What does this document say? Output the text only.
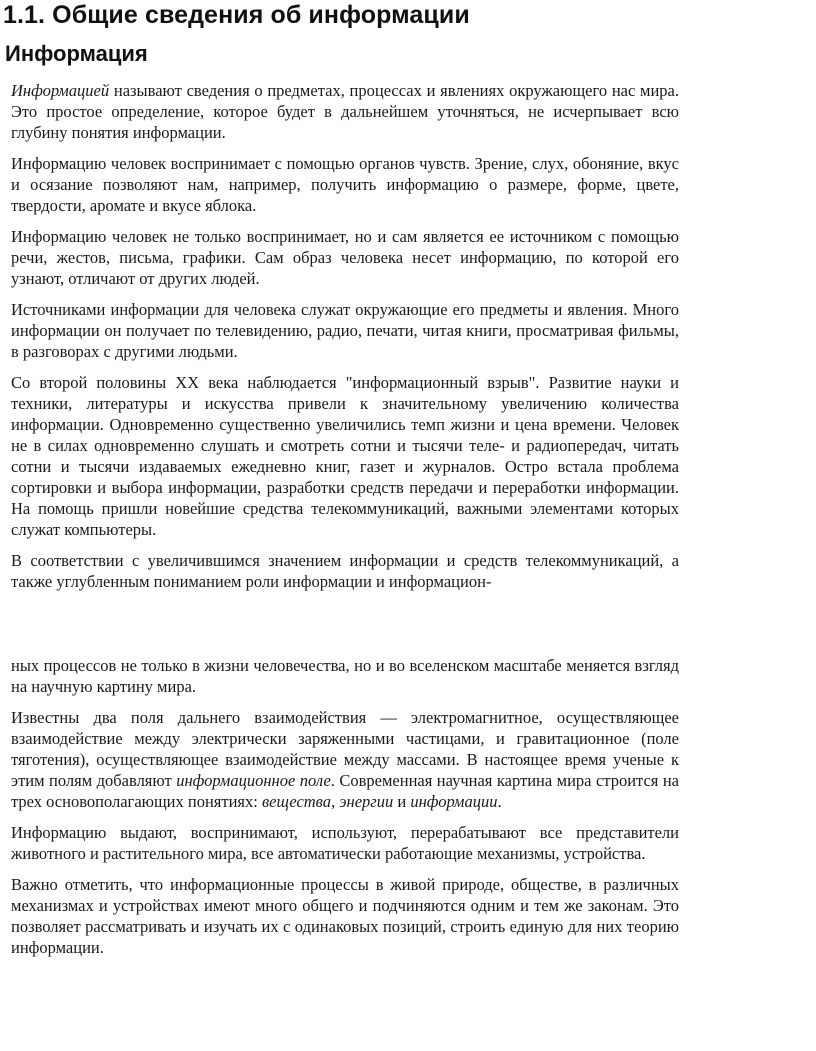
1.1. Общие сведения об информации
Информация

Информацией называют сведения о предметах, процессах и явлениях окружающего нас мира. Это простое определение, которое будет в дальнейшем уточняться, не исчерпывает всю глубину понятия информации.

Информацию человек воспринимает с помощью органов чувств. Зрение, слух, обоняние, вкус и осязание позволяют нам, например, получить информацию о размере, форме, цвете, твердости, аромате и вкусе яблока.

Информацию человек не только воспринимает, но и сам является ее источником с помощью речи, жестов, письма, графики. Сам образ человека несет информацию, по которой его узнают, отличают от других людей.

Источниками информации для человека служат окружающие его предметы и явления. Много информации он получает по телевидению, радио, печати, читая книги, просматривая фильмы, в разговорах с другими людьми.

Со второй половины XX века наблюдается "информационный взрыв". Развитие науки и техники, литературы и искусства привели к значительному увеличению количества информации. Одновременно существенно увеличились темп жизни и цена времени. Человек не в силах одновременно слушать и смотреть сотни и тысячи теле- и радиопередач, читать сотни и тысячи издаваемых ежедневно книг, газет и журналов. Остро встала проблема сортировки и выбора информации, разработки средств передачи и переработки информации. На помощь пришли новейшие средства телекоммуникаций, важными элементами которых служат компьютеры.

В соответствии с увеличившимся значением информации и средств телекоммуникаций, а также углубленным пониманием роли информации и информацион-

ных процессов не только в жизни человечества, но и во вселенском масштабе меняется взгляд на научную картину мира.

Известны два поля дальнего взаимодействия — электромагнитное, осуществляющее взаимодействие между электрически заряженными частицами, и гравитационное (поле тяготения), осуществляющее взаимодействие между массами. В настоящее время ученые к этим полям добавляют информационное поле. Современная научная картина мира строится на трех основополагающих понятиях: вещества, энергии и информации.

Информацию выдают, воспринимают, используют, перерабатывают все представители животного и растительного мира, все автоматически работающие механизмы, устройства.

Важно отметить, что информационные процессы в живой природе, обществе, в различных механизмах и устройствах имеют много общего и подчиняются одним и тем же законам. Это позволяет рассматривать и изучать их с одинаковых позиций, строить единую для них теорию информации.
